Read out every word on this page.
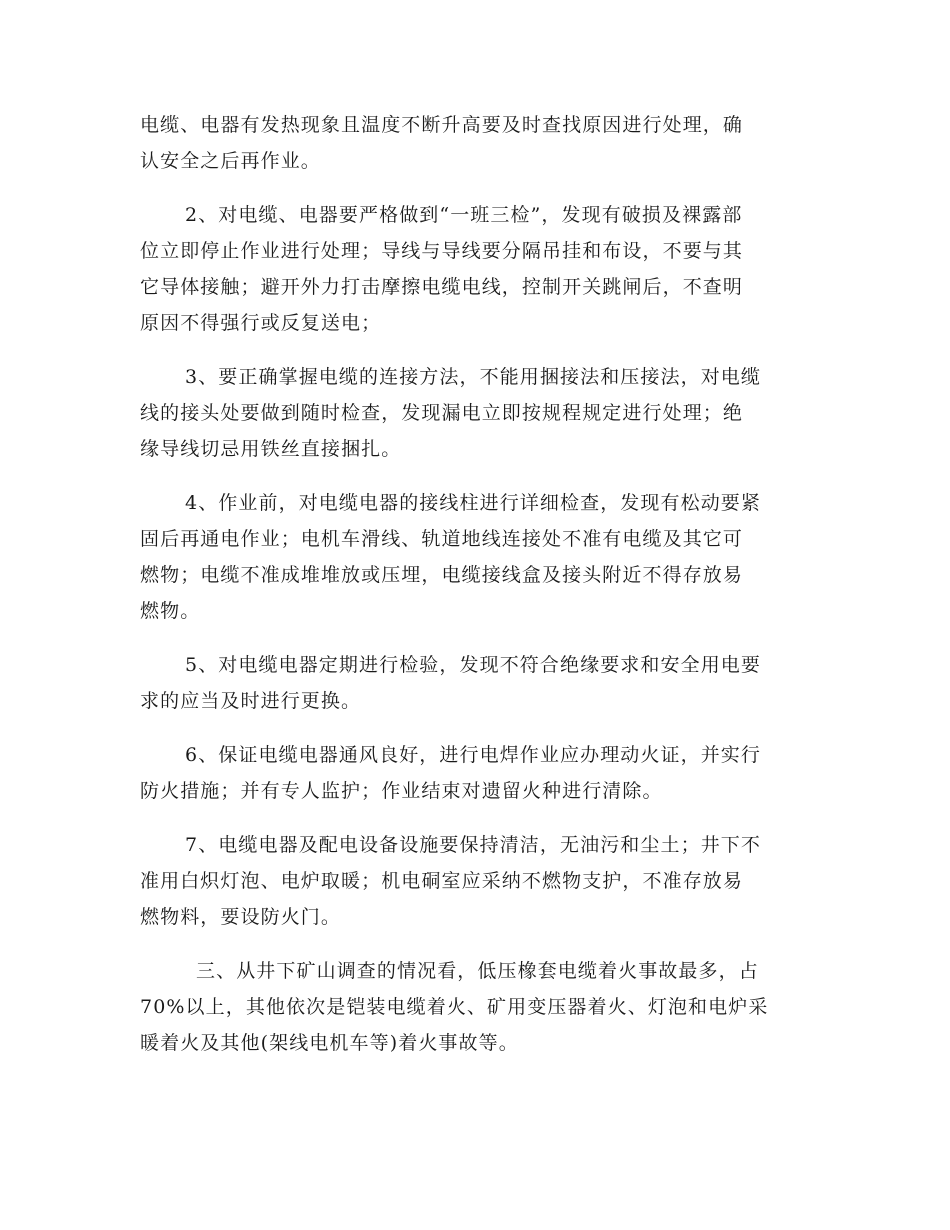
电缆、电器有发热现象且温度不断升高要及时查找原因进行处理，确
认安全之后再作业。
2、对电缆、电器要严格做到“一班三检”，发现有破损及裸露部
位立即停止作业进行处理；导线与导线要分隔吊挂和布设，不要与其
它导体接触；避开外力打击摩擦电缆电线，控制开关跳闸后，不查明
原因不得强行或反复送电；
3、要正确掌握电缆的连接方法，不能用捆接法和压接法，对电缆
线的接头处要做到随时检查，发现漏电立即按规程规定进行处理；绝
缘导线切忌用铁丝直接捆扎。
4、作业前，对电缆电器的接线柱进行详细检查，发现有松动要紧
固后再通电作业；电机车滑线、轨道地线连接处不准有电缆及其它可
燃物；电缆不准成堆堆放或压埋，电缆接线盒及接头附近不得存放易
燃物。
5、对电缆电器定期进行检验，发现不符合绝缘要求和安全用电要
求的应当及时进行更换。
6、保证电缆电器通风良好，进行电焊作业应办理动火证，并实行
防火措施；并有专人监护；作业结束对遗留火种进行清除。
7、电缆电器及配电设备设施要保持清洁，无油污和尘土；井下不
准用白炽灯泡、电炉取暖；机电硐室应采纳不燃物支护，不准存放易
燃物料，要设防火门。
三、从井下矿山调查的情况看，低压橡套电缆着火事故最多，占
70%以上，其他依次是铠装电缆着火、矿用变压器着火、灯泡和电炉采
暖着火及其他(架线电机车等)着火事故等。
